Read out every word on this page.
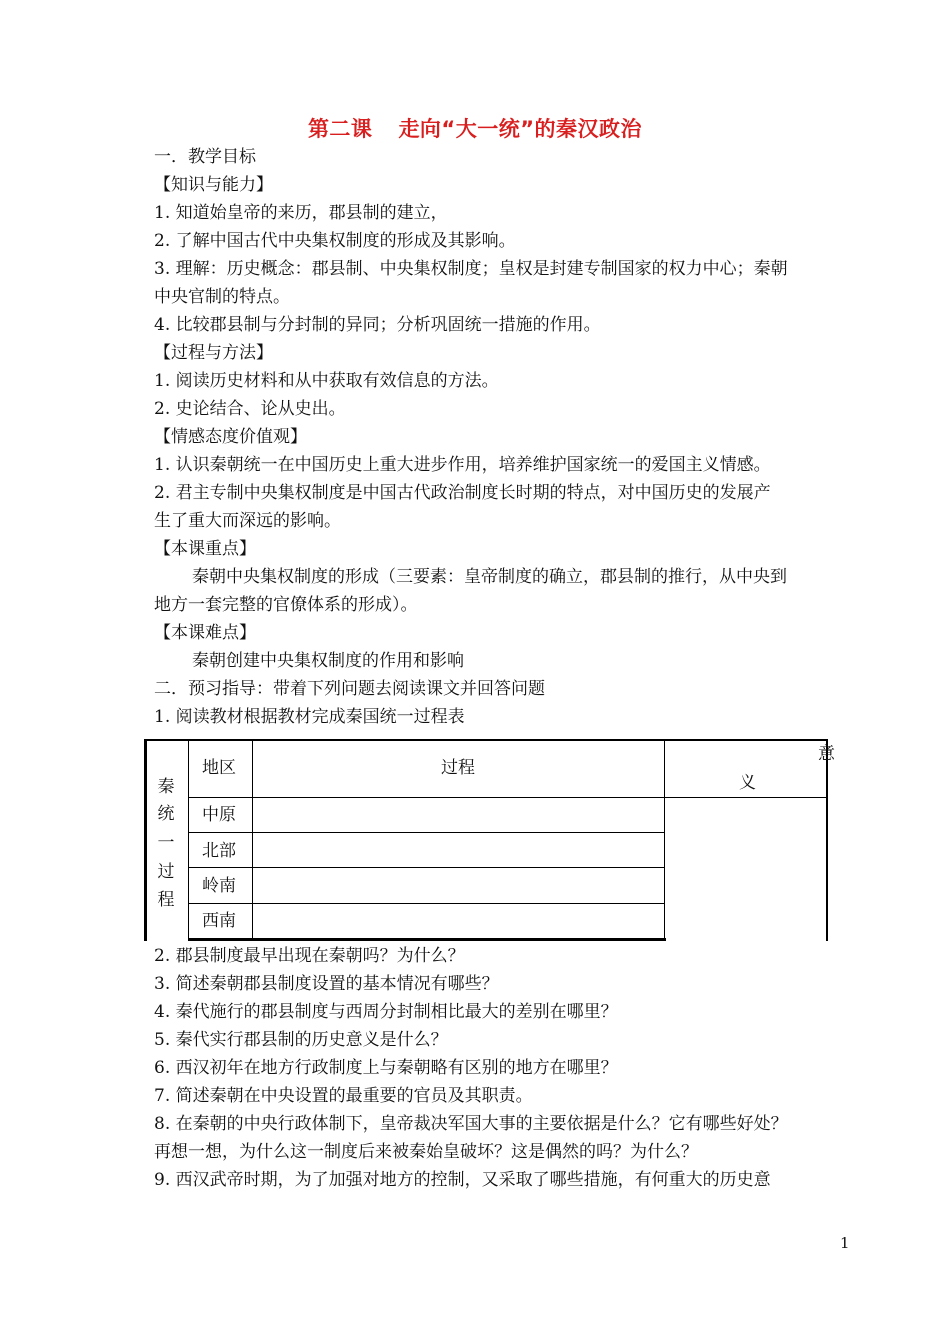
第二课 走向“大一统”的秦汉政治
一．教学目标
【知识与能力】
1. 知道始皇帝的来历，郡县制的建立，
2. 了解中国古代中央集权制度的形成及其影响。
3. 理解：历史概念：郡县制、中央集权制度；皇权是封建专制国家的权力中心；秦朝
中央官制的特点。
4. 比较郡县制与分封制的异同；分析巩固统一措施的作用。
【过程与方法】
1. 阅读历史材料和从中获取有效信息的方法。
2. 史论结合、论从史出。
【情感态度价值观】
1. 认识秦朝统一在中国历史上重大进步作用，培养维护国家统一的爱国主义情感。
2. 君主专制中央集权制度是中国古代政治制度长时期的特点，对中国历史的发展产
生了重大而深远的影响。
【本课重点】
秦朝中央集权制度的形成（三要素：皇帝制度的确立，郡县制的推行，从中央到
地方一套完整的官僚体系的形成）。
【本课难点】
秦朝创建中央集权制度的作用和影响
二．预习指导：带着下列问题去阅读课文并回答问题
1. 阅读教材根据教材完成秦国统一过程表
秦
统
一
过
程
地区	过程
意
义
中原
北部
岭南
西南
2. 郡县制度最早出现在秦朝吗？为什么？
3. 简述秦朝郡县制度设置的基本情况有哪些？
4. 秦代施行的郡县制度与西周分封制相比最大的差别在哪里？
5. 秦代实行郡县制的历史意义是什么？
6. 西汉初年在地方行政制度上与秦朝略有区别的地方在哪里？
7. 简述秦朝在中央设置的最重要的官员及其职责。
8. 在秦朝的中央行政体制下，皇帝裁决军国大事的主要依据是什么？它有哪些好处？
再想一想，为什么这一制度后来被秦始皇破坏？这是偶然的吗？为什么？
9. 西汉武帝时期，为了加强对地方的控制，又采取了哪些措施，有何重大的历史意
1
